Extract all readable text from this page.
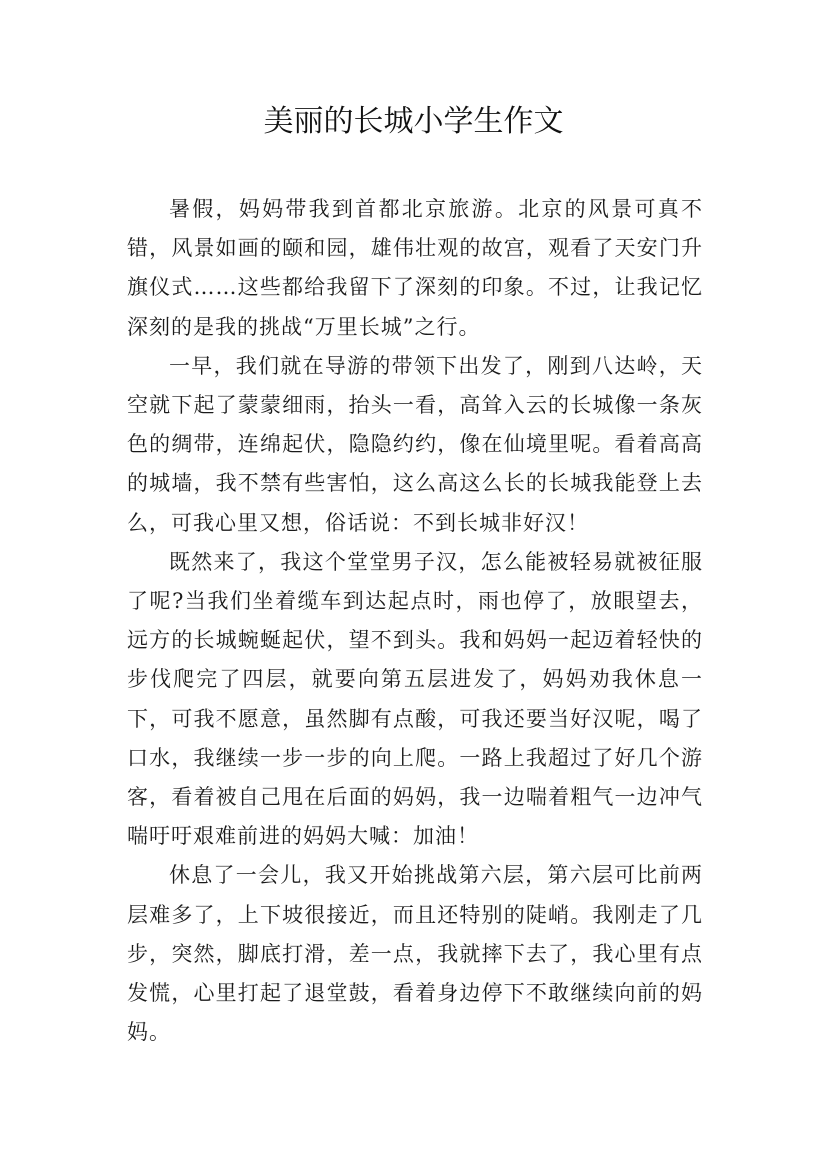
美丽的长城小学生作文

暑假，妈妈带我到首都北京旅游。北京的风景可真不错，风景如画的颐和园，雄伟壮观的故宫，观看了天安门升旗仪式……这些都给我留下了深刻的印象。不过，让我记忆深刻的是我的挑战“万里长城”之行。

一早，我们就在导游的带领下出发了，刚到八达岭，天空就下起了蒙蒙细雨，抬头一看，高耸入云的长城像一条灰色的绸带，连绵起伏，隐隐约约，像在仙境里呢。看着高高的城墙，我不禁有些害怕，这么高这么长的长城我能登上去么，可我心里又想，俗话说：不到长城非好汉！

既然来了，我这个堂堂男子汉，怎么能被轻易就被征服了呢?当我们坐着缆车到达起点时，雨也停了，放眼望去，远方的长城蜿蜒起伏，望不到头。我和妈妈一起迈着轻快的步伐爬完了四层，就要向第五层进发了，妈妈劝我休息一下，可我不愿意，虽然脚有点酸，可我还要当好汉呢，喝了口水，我继续一步一步的向上爬。一路上我超过了好几个游客，看着被自己甩在后面的妈妈，我一边喘着粗气一边冲气喘吁吁艰难前进的妈妈大喊：加油！

休息了一会儿，我又开始挑战第六层，第六层可比前两层难多了，上下坡很接近，而且还特别的陡峭。我刚走了几步，突然，脚底打滑，差一点，我就摔下去了，我心里有点发慌，心里打起了退堂鼓，看着身边停下不敢继续向前的妈妈。
